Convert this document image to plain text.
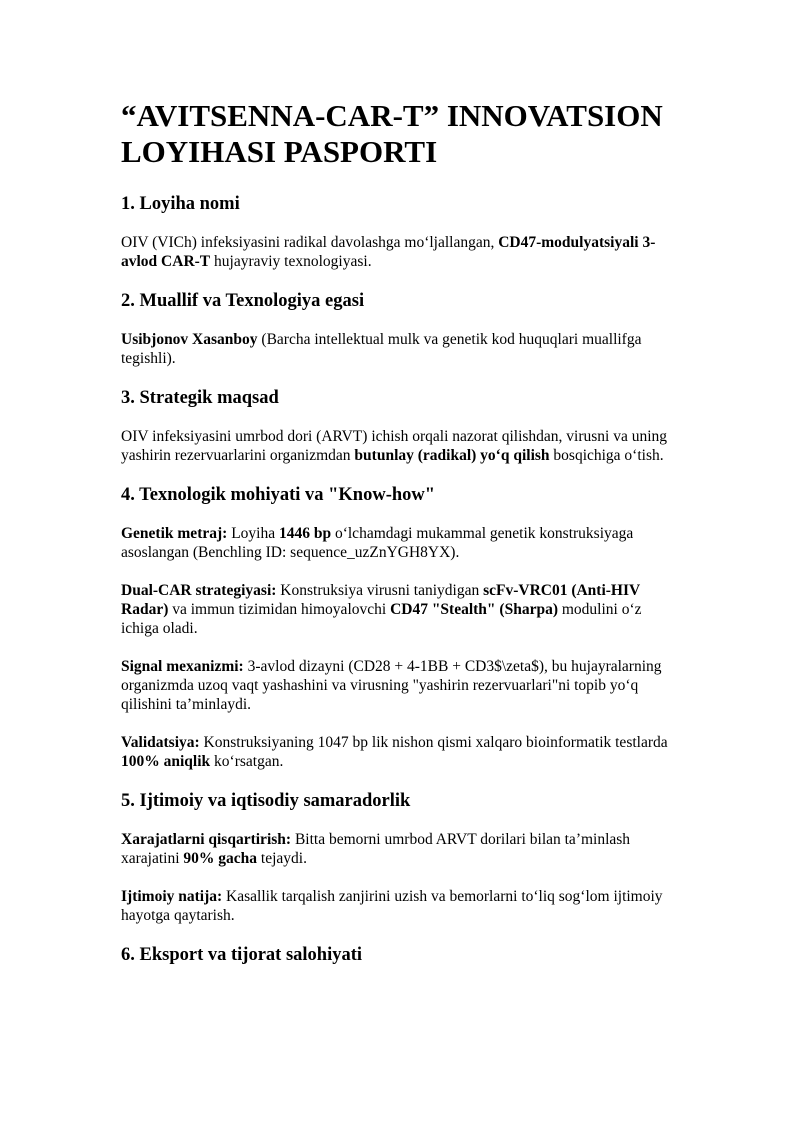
“AVITSENNA-CAR-T” INNOVATSION LOYIHASI PASPORTI
1. Loyiha nomi

OIV (VICh) infeksiyasini radikal davolashga mo‘ljallangan, CD47-modulyatsiyali 3-avlod CAR-T hujayraviy texnologiyasi.

2. Muallif va Texnologiya egasi

Usibjonov Xasanboy (Barcha intellektual mulk va genetik kod huquqlari muallifga tegishli).

3. Strategik maqsad

OIV infeksiyasini umrbod dori (ARVT) ichish orqali nazorat qilishdan, virusni va uning yashirin rezervuarlarini organizmdan butunlay (radikal) yo‘q qilish bosqichiga o‘tish.

4. Texnologik mohiyati va "Know-how"

Genetik metraj: Loyiha 1446 bp o‘lchamdagi mukammal genetik konstruksiyaga asoslangan (Benchling ID: sequence_uzZnYGH8YX).

Dual-CAR strategiyasi: Konstruksiya virusni taniydigan scFv-VRC01 (Anti-HIV Radar) va immun tizimidan himoyalovchi CD47 "Stealth" (Sharpa) modulini o‘z ichiga oladi.

Signal mexanizmi: 3-avlod dizayni (CD28 + 4-1BB + CD3$\zeta$), bu hujayralarning organizmda uzoq vaqt yashashini va virusning "yashirin rezervuarlari"ni topib yo‘q qilishini ta’minlaydi.

Validatsiya: Konstruksiyaning 1047 bp lik nishon qismi xalqaro bioinformatik testlarda 100% aniqlik ko‘rsatgan.

5. Ijtimoiy va iqtisodiy samaradorlik

Xarajatlarni qisqartirish: Bitta bemorni umrbod ARVT dorilari bilan ta’minlash xarajatini 90% gacha tejaydi.

Ijtimoiy natija: Kasallik tarqalish zanjirini uzish va bemorlarni to‘liq sog‘lom ijtimoiy hayotga qaytarish.

6. Eksport va tijorat salohiyati
